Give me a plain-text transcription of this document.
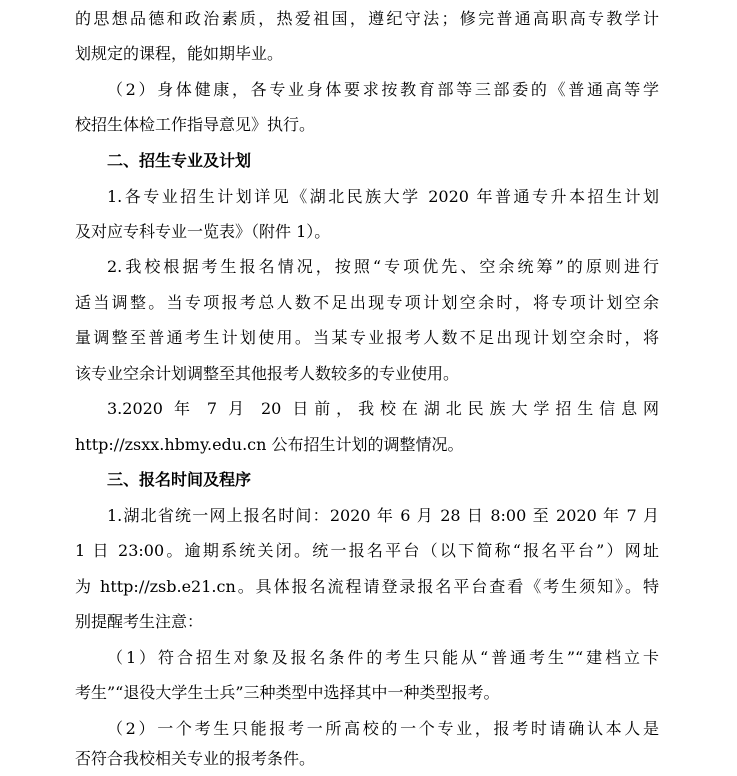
的思想品德和政治素质，热爱祖国，遵纪守法；修完普通高职高专教学计
划规定的课程，能如期毕业。
（2）身体健康，各专业身体要求按教育部等三部委的《普通高等学
校招生体检工作指导意见》执行。
二、招生专业及计划
1.各专业招生计划详见《湖北民族大学 2020 年普通专升本招生计划
及对应专科专业一览表》（附件 1）。
2.我校根据考生报名情况，按照“专项优先、空余统筹”的原则进行
适当调整。当专项报考总人数不足出现专项计划空余时，将专项计划空余
量调整至普通考生计划使用。当某专业报考人数不足出现计划空余时，将
该专业空余计划调整至其他报考人数较多的专业使用。
3.2020 年 7 月 20 日前，我校在湖北民族大学招生信息网
http://zsxx.hbmy.edu.cn 公布招生计划的调整情况。
三、报名时间及程序
1.湖北省统一网上报名时间：2020 年 6 月 28 日 8:00 至 2020 年 7 月
1 日 23:00。逾期系统关闭。统一报名平台（以下简称“报名平台”）网址
为 http://zsb.e21.cn。具体报名流程请登录报名平台查看《考生须知》。特
别提醒考生注意：
（1）符合招生对象及报名条件的考生只能从“普通考生”“建档立卡
考生”“退役大学生士兵”三种类型中选择其中一种类型报考。
（2）一个考生只能报考一所高校的一个专业，报考时请确认本人是
否符合我校相关专业的报考条件。
